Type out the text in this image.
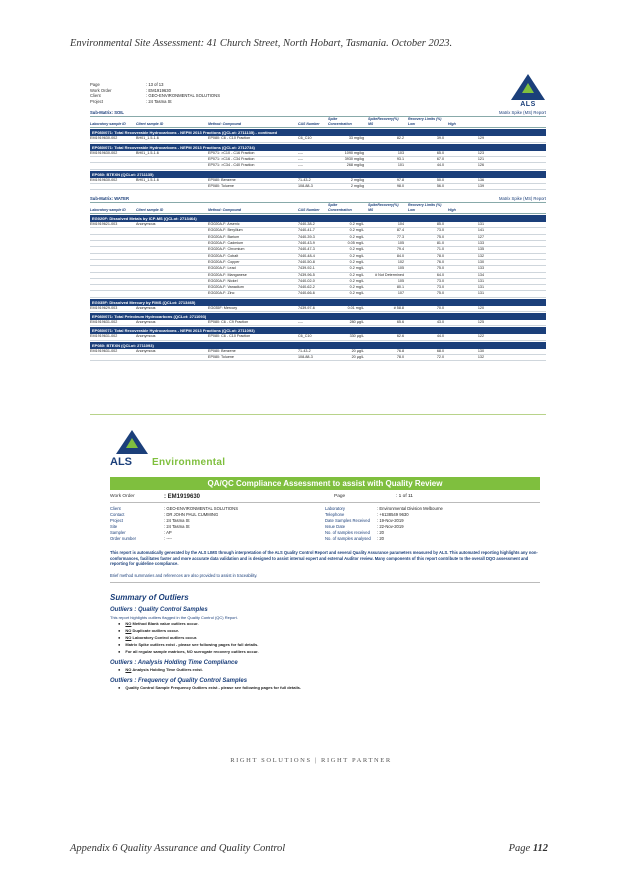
Environmental Site Assessment: 41 Church Street, North Hobart, Tasmania. October 2023.
Page	: 13 of 13
Work Order	: EM1919630
Client	: GEO-ENVIRONMENTAL SOLUTIONS
Project	: 24 Tasma St	ALS
Sub-Matrix: SOIL	Matrix Spike (MS) Report
Spike	SpikeRecovery(%)	Recovery Limits (%)
Laboratory sample ID	Client sample ID	Method: Compound	CAS Number	Concentration	MS	Low	High
EP080/071: Total Recoverable Hydrocarbons - NEPM 2013 Fractions (QCLot: 2711135) - continued
EM1919630-002	BH01_1.5-1.6	EP080: C6 - C10 Fraction	C6_C10	33 mg/kg	82.2	39.0	129
EP080/071: Total Recoverable Hydrocarbons - NEPM 2013 Fractions (QCLot: 2712734)
EM1919630-002	BH01_1.5-1.6	EP071: >C10 - C16 Fraction	----	1090 mg/kg	103	65.0	123
EP071: >C16 - C34 Fraction	----	3930 mg/kg	93.1	67.0	121
EP071: >C34 - C40 Fraction	----	268 mg/kg	101	44.0	126
EP080: BTEXN (QCLot: 2711135)
EM1919630-002	BH01_1.5-1.6	EP080: Benzene	71-43-2	2 mg/kg	97.8	50.0	136
EP080: Toluene	108-88-3	2 mg/kg	98.0	56.0	139
Sub-Matrix: WATER	Matrix Spike (MS) Report
Spike	SpikeRecovery(%)	Recovery Limits (%)
Laboratory sample ID	Client sample ID	Method: Compound	CAS Number	Concentration	MS	Low	High
EG020F: Dissolved Metals by ICP-MS (QCLot: 2713464)
EM1919621-003	Anonymous	EG020A-F: Arsenic	7440-38-2	0.2 mg/L	104	85.0	131
EG020A-F: Beryllium	7440-41-7	0.2 mg/L	87.4	73.0	141
EG020A-F: Barium	7440-39-3	0.2 mg/L	77.3	75.0	127
EG020A-F: Cadmium	7440-43-9	0.05 mg/L	105	81.0	133
EG020A-F: Chromium	7440-47-3	0.2 mg/L	79.4	71.0	135
EG020A-F: Cobalt	7440-48-4	0.2 mg/L	84.0	78.0	132
EG020A-F: Copper	7440-50-8	0.2 mg/L	102	76.0	130
EG020A-F: Lead	7439-92-1	0.2 mg/L	105	75.0	133
EG020A-F: Manganese	7439-96-5	0.2 mg/L	# Not Determined	64.0	134
EG020A-F: Nickel	7440-02-0	0.2 mg/L	105	73.0	131
EG020A-F: Vanadium	7440-62-2	0.2 mg/L	80.1	73.0	131
EG020A-F: Zinc	7440-66-6	0.2 mg/L	107	75.0	131
EG035F: Dissolved Mercury by FIMS (QCLot: 2713465)
EM1919629-003	Anonymous	EG035F: Mercury	7439-97-6	0.01 mg/L	# 58.8	70.0	120
EP080/071: Total Petroleum Hydrocarbons (QCLot: 2711093)
EM1919631-002	Anonymous	EP080: C6 - C9 Fraction	----	280 µg/L	65.6	43.0	125
EP080/071: Total Recoverable Hydrocarbons - NEPM 2013 Fractions (QCLot: 2711093)
EM1919631-002	Anonymous	EP080: C6 - C10 Fraction	C6_C10	330 µg/L	62.6	44.0	122
EP080: BTEXN (QCLot: 2711093)
EM1919631-002	Anonymous	EP080: Benzene	71-43-2	20 µg/L	76.8	68.0	130
EP080: Toluene	108-88-3	20 µg/L	78.0	72.0	132
ALS Environmental
QA/QC Compliance Assessment to assist with Quality Review
Work Order	: EM1919630	Page	: 1 of 11
Client	: GEO-ENVIRONMENTAL SOLUTIONS
Contact	: DR JOHN PAUL CUMMING
Project	: 24 Tasma St
Site	: 24 Tasma St
Sampler	: AP
Order number	: ----
Laboratory	: Environmental Division Melbourne
Telephone	: +6138549 9630
Date Samples Received	: 19-Nov-2019
Issue Date	: 22-Nov-2019
No. of samples received	: 20
No. of samples analysed	: 20
This report is automatically generated by the ALS LIMS through interpretation of the ALS Quality Control Report and several Quality Assurance parameters measured by ALS. This automated reporting highlights any non-conformances, facilitates faster and more accurate data validation and is designed to assist internal expert and external Auditor review. Many components of this report contribute to the overall DQO assessment and reporting for guideline compliance.
Brief method summaries and references are also provided to assist in traceability.
Summary of Outliers
Outliers : Quality Control Samples
This report highlights outliers flagged in the Quality Control (QC) Report.
● NO Method Blank value outliers occur.
● NO Duplicate outliers occur.
● NO Laboratory Control outliers occur.
● Matrix Spike outliers exist - please see following pages for full details.
● For all regular sample matrices, NO surrogate recovery outliers occur.
Outliers : Analysis Holding Time Compliance
● NO Analysis Holding Time Outliers exist.
Outliers : Frequency of Quality Control Samples
● Quality Control Sample Frequency Outliers exist - please see following pages for full details.
RIGHT SOLUTIONS | RIGHT PARTNER
Appendix 6 Quality Assurance and Quality Control	Page 112
